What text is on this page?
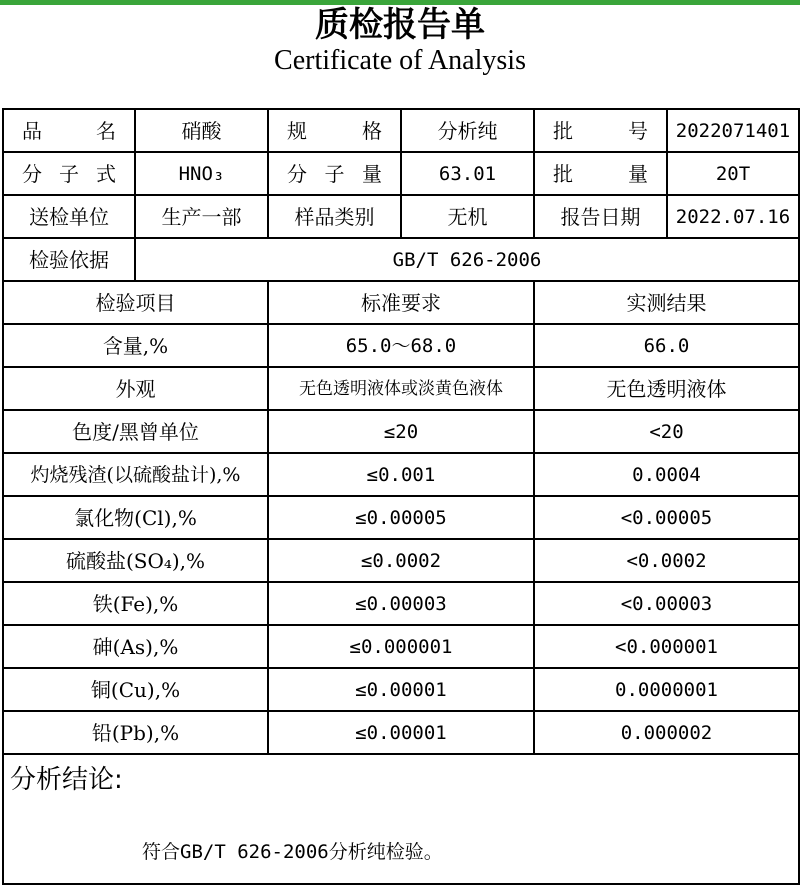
质检报告单
Certificate of Analysis
品 名	硝酸	规 格	分析纯	批 号	2022071401

分 子 式	HNO₃	分 子 量	63.01	批 量	20T
送检单位	生产一部	样品类别	无机	报告日期	2022.07.16
检验依据	GB/T 626-2006				
检验项目		标准要求		实测结果	
含量,%		65.0～68.0		66.0	
外观		无色透明液体或淡黄色液体		无色透明液体	
色度/黑曾单位		≤20		<20	
灼烧残渣(以硫酸盐计),%		≤0.001		0.0004	
氯化物(Cl),%		≤0.00005		<0.00005	
硫酸盐(SO₄),%		≤0.0002		<0.0002	
铁(Fe),%		≤0.00003		<0.00003	
砷(As),%		≤0.000001		<0.000001	
铜(Cu),%		≤0.00001		0.0000001	
铅(Pb),%		≤0.00001		0.000002	
分析结论:
符合GB/T 626-2006分析纯检验。					
